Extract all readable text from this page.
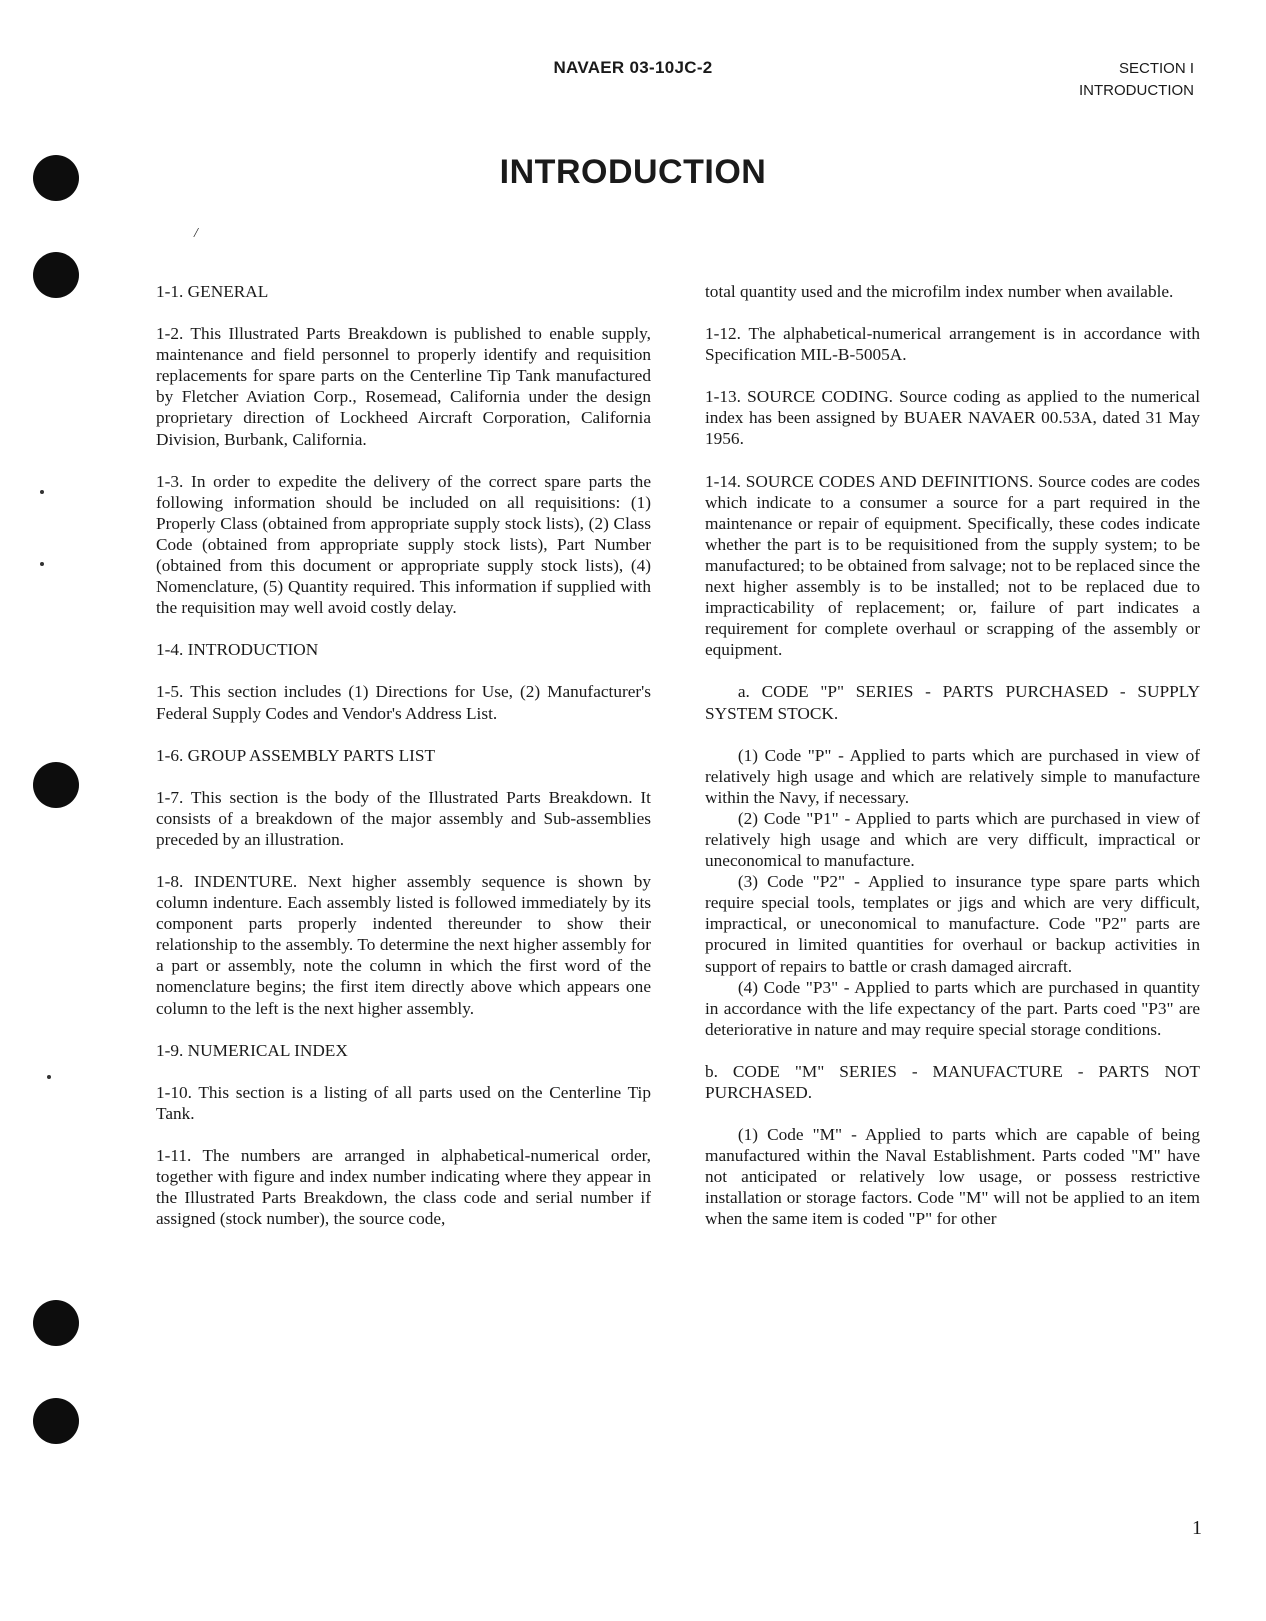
NAVAER 03-10JC-2	SECTION I
INTRODUCTION
INTRODUCTION
/

1-1. GENERAL

1-2. This Illustrated Parts Breakdown is published to enable supply, maintenance and field personnel to properly identify and requisition replacements for spare parts on the Centerline Tip Tank manufactured by Fletcher Aviation Corp., Rosemead, California under the design proprietary direction of Lockheed Aircraft Corporation, California Division, Burbank, California.

1-3. In order to expedite the delivery of the correct spare parts the following information should be included on all requisitions: (1) Properly Class (obtained from appropriate supply stock lists), (2) Class Code (obtained from appropriate supply stock lists), Part Number (obtained from this document or appropriate supply stock lists), (4) Nomenclature, (5) Quantity required. This information if supplied with the requisition may well avoid costly delay.

1-4. INTRODUCTION

1-5. This section includes (1) Directions for Use, (2) Manufacturer's Federal Supply Codes and Vendor's Address List.

1-6. GROUP ASSEMBLY PARTS LIST

1-7. This section is the body of the Illustrated Parts Breakdown. It consists of a breakdown of the major assembly and Sub-assemblies preceded by an illustration.

1-8. INDENTURE. Next higher assembly sequence is shown by column indenture. Each assembly listed is followed immediately by its component parts properly indented thereunder to show their relationship to the assembly. To determine the next higher assembly for a part or assembly, note the column in which the first word of the nomenclature begins; the first item directly above which appears one column to the left is the next higher assembly.

1-9. NUMERICAL INDEX

1-10. This section is a listing of all parts used on the Centerline Tip Tank.

1-11. The numbers are arranged in alphabetical-numerical order, together with figure and index number indicating where they appear in the Illustrated Parts Breakdown, the class code and serial number if assigned (stock number), the source code,

total quantity used and the microfilm index number when available.

1-12. The alphabetical-numerical arrangement is in accordance with Specification MIL-B-5005A.

1-13. SOURCE CODING. Source coding as applied to the numerical index has been assigned by BUAER NAVAER 00.53A, dated 31 May 1956.

1-14. SOURCE CODES AND DEFINITIONS. Source codes are codes which indicate to a consumer a source for a part required in the maintenance or repair of equipment. Specifically, these codes indicate whether the part is to be requisitioned from the supply system; to be manufactured; to be obtained from salvage; not to be replaced since the next higher assembly is to be installed; not to be replaced due to impracticability of replacement; or, failure of part indicates a requirement for complete overhaul or scrapping of the assembly or equipment.

a. CODE "P" SERIES - PARTS PURCHASED - SUPPLY SYSTEM STOCK.

(1) Code "P" - Applied to parts which are purchased in view of relatively high usage and which are relatively simple to manufacture within the Navy, if necessary.

(2) Code "P1" - Applied to parts which are purchased in view of relatively high usage and which are very difficult, impractical or uneconomical to manufacture.

(3) Code "P2" - Applied to insurance type spare parts which require special tools, templates or jigs and which are very difficult, impractical, or uneconomical to manufacture. Code "P2" parts are procured in limited quantities for overhaul or backup activities in support of repairs to battle or crash damaged aircraft.

(4) Code "P3" - Applied to parts which are purchased in quantity in accordance with the life expectancy of the part. Parts coed "P3" are deteriorative in nature and may require special storage conditions.

b. CODE "M" SERIES - MANUFACTURE - PARTS NOT PURCHASED.

(1) Code "M" - Applied to parts which are capable of being manufactured within the Naval Establishment. Parts coded "M" have not anticipated or relatively low usage, or possess restrictive installation or storage factors. Code "M" will not be applied to an item when the same item is coded "P" for other

1
